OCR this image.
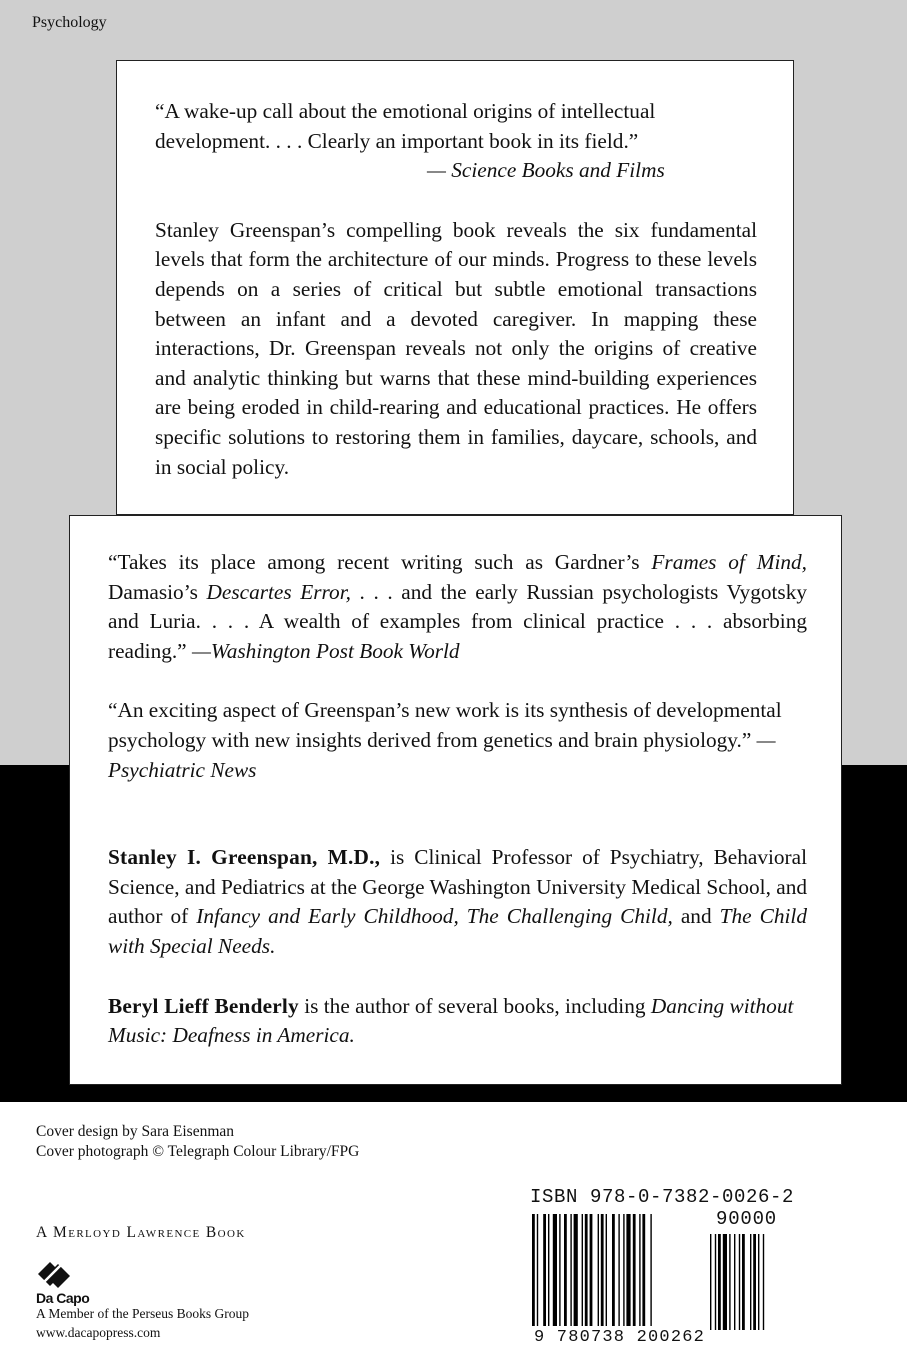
Psychology

“A wake-up call about the emotional origins of intellectual development. . . . Clearly an important book in its field.”

— Science Books and Films

Stanley Greenspan’s compelling book reveals the six fundamental levels that form the architecture of our minds. Progress to these levels depends on a series of critical but subtle emotional transactions between an infant and a devoted caregiver. In mapping these interactions, Dr. Greenspan reveals not only the origins of creative and analytic thinking but warns that these mind-building experiences are being eroded in child-rearing and educational practices. He offers specific solutions to restoring them in families, daycare, schools, and in social policy.

“Takes its place among recent writing such as Gardner’s Frames of Mind, Damasio’s Descartes Error, . . . and the early Russian psychologists Vygotsky and Luria. . . . A wealth of examples from clinical practice . . . absorbing reading.” —Washington Post Book World

“An exciting aspect of Greenspan’s new work is its synthesis of developmental psychology with new insights derived from genetics and brain physiology.” — Psychiatric News

Stanley I. Greenspan, M.D., is Clinical Professor of Psychiatry, Behavioral Science, and Pediatrics at the George Washington University Medical School, and author of Infancy and Early Childhood, The Challenging Child, and The Child with Special Needs.

Beryl Lieff Benderly is the author of several books, including Dancing without Music: Deafness in America.

Cover design by Sara Eisenman
Cover photograph © Telegraph Colour Library/FPG
A Merloyd Lawrence Book
Da Capo
A Member of the Perseus Books Group
www.dacapopress.com
ISBN 978-0-7382-0026-2
90000
9 780738 200262
